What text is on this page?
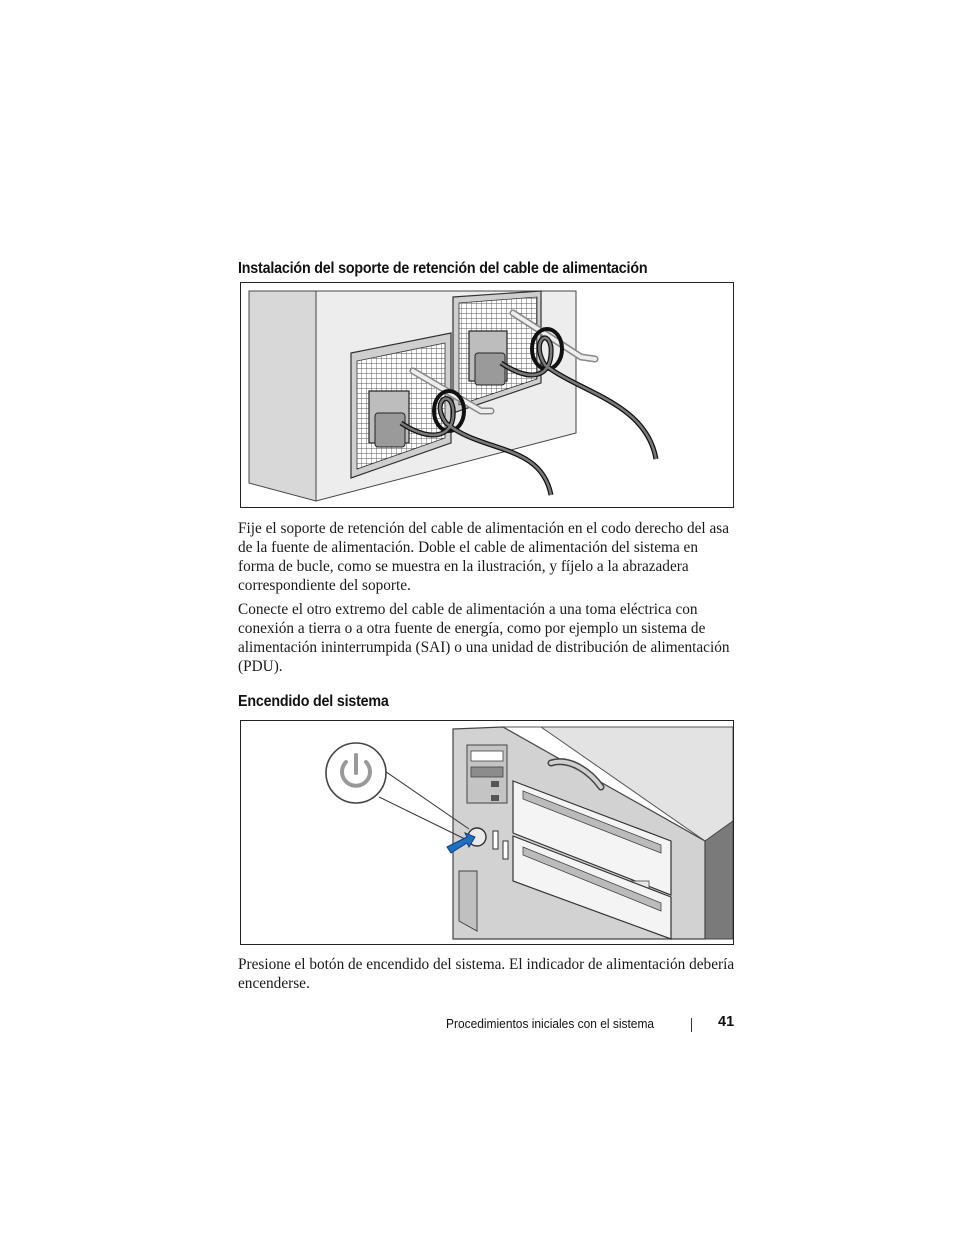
Instalación del soporte de retención del cable de alimentación

Fije el soporte de retención del cable de alimentación en el codo derecho del asa de la fuente de alimentación. Doble el cable de alimentación del sistema en forma de bucle, como se muestra en la ilustración, y fíjelo a la abrazadera correspondiente del soporte.

Conecte el otro extremo del cable de alimentación a una toma eléctrica con conexión a tierra o a otra fuente de energía, como por ejemplo un sistema de alimentación ininterrumpida (SAI) o una unidad de distribución de alimentación (PDU).

Encendido del sistema

Presione el botón de encendido del sistema. El indicador de alimentación debería encenderse.

Procedimientos iniciales con el sistema	41
